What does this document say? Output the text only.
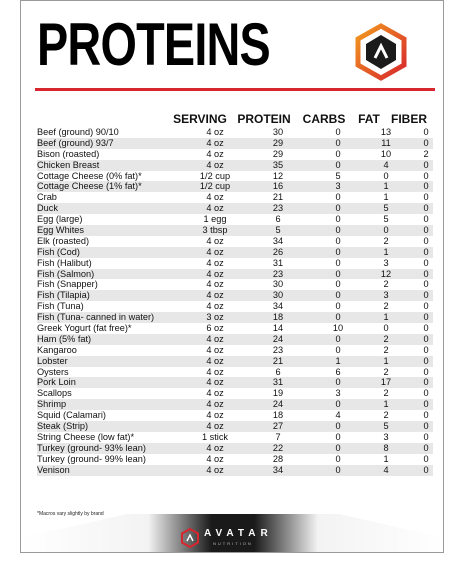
PROTEINS
SERVING PROTEIN CARBS	FAT FIBER
Beef (ground) 90/10	4 oz	30	0	13	0
Beef (ground) 93/7	4 oz	29	0	11	0
Bison (roasted)	4 oz	29	0	10	2
Chicken Breast	4 oz	35	0	4	0
Cottage Cheese (0% fat)*	1/2 cup	12	5	0	0
Cottage Cheese (1% fat)*	1/2 cup	16	3	1	0
Crab	4 oz	21	0	1	0
Duck	4 oz	23	0	5	0
Egg (large)	1 egg	6	0	5	0
Egg Whites	3 tbsp	5	0	0	0
Elk (roasted)	4 oz	34	0	2	0
Fish (Cod)	4 oz	26	0	1	0
Fish (Halibut)	4 oz	31	0	3	0
Fish (Salmon)	4 oz	23	0	12	0
Fish (Snapper)	4 oz	30	0	2	0
Fish (Tilapia)	4 oz	30	0	3	0
Fish (Tuna)	4 oz	34	0	2	0
Fish (Tuna- canned in water)	3 oz	18	0	1	0
Greek Yogurt (fat free)*	6 oz	14	10	0	0
Ham (5% fat)	4 oz	24	0	2	0
Kangaroo	4 oz	23	0	2	0
Lobster	4 oz	21	1	1	0
Oysters	4 oz	6	6	2	0
Pork Loin	4 oz	31	0	17	0
Scallops	4 oz	19	3	2	0
Shrimp	4 oz	24	0	1	0
Squid (Calamari)	4 oz	18	4	2	0
Steak (Strip)	4 oz	27	0	5	0
String Cheese (low fat)*	1 stick	7	0	3	0
Turkey (ground- 93% lean)	4 oz	22	0	8	0
Turkey (ground- 99% lean)	4 oz	28	0	1	0
Venison	4 oz	34	0	4	0
*Macros vary slightly by brand
AVATAR
NUTRITION
